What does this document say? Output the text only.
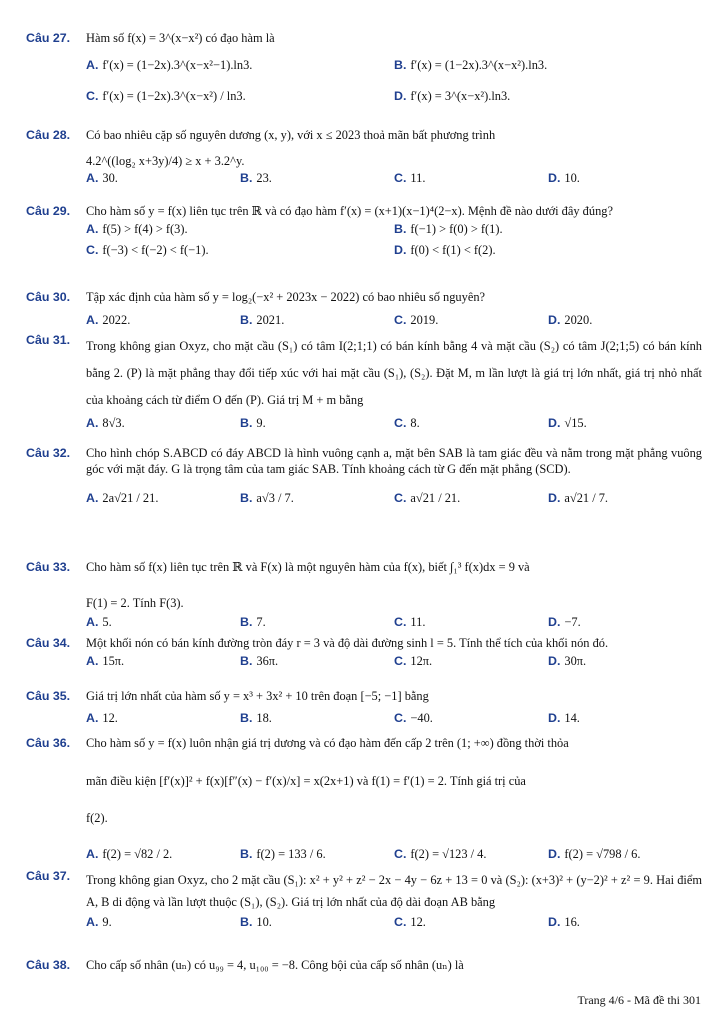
Câu 27. Hàm số f(x) = 3^(x−x²) có đạo hàm là
A. f′(x) = (1−2x).3^(x−x²−1).ln3.	B. f′(x) = (1−2x).3^(x−x²).ln3.
C. f′(x) = (1−2x).3^(x−x²) / ln3.	D. f′(x) = 3^(x−x²).ln3.
Câu 28. Có bao nhiêu cặp số nguyên dương (x, y), với x ≤ 2023 thoả mãn bất phương trình
4.2^((log₂ x+3y)/4) ≥ x + 3.2^y.
A. 30.	B. 23.	C. 11.	D. 10.
Câu 29. Cho hàm số y = f(x) liên tục trên ℝ và có đạo hàm f′(x) = (x+1)(x−1)⁴(2−x). Mệnh đề nào dưới đây đúng?
A. f(5) > f(4) > f(3).	B. f(−1) > f(0) > f(1).
C. f(−3) < f(−2) < f(−1).	D. f(0) < f(1) < f(2).
Câu 30. Tập xác định của hàm số y = log₂(−x² + 2023x − 2022) có bao nhiêu số nguyên?
A. 2022.	B. 2021.	C. 2019.	D. 2020.
Câu 31. Trong không gian Oxyz, cho mặt cầu (S₁) có tâm I(2;1;1) có bán kính bằng 4 và mặt cầu (S₂) có tâm J(2;1;5) có bán kính bằng 2. (P) là mặt phẳng thay đổi tiếp xúc với hai mặt cầu (S₁), (S₂). Đặt M, m lần lượt là giá trị lớn nhất, giá trị nhỏ nhất của khoảng cách từ điểm O đến (P). Giá trị M + m bằng
A. 8√3.	B. 9.	C. 8.	D. √15.
Câu 32. Cho hình chóp S.ABCD có đáy ABCD là hình vuông cạnh a, mặt bên SAB là tam giác đều và nằm trong mặt phẳng vuông góc với mặt đáy. G là trọng tâm của tam giác SAB. Tính khoảng cách từ G đến mặt phẳng (SCD).
A. 2a√21 / 21.	B. a√3 / 7.	C. a√21 / 21.	D. a√21 / 7.
Câu 33. Cho hàm số f(x) liên tục trên ℝ và F(x) là một nguyên hàm của f(x), biết ∫₁³ f(x)dx = 9 và
F(1) = 2. Tính F(3).
A. 5.	B. 7.	C. 11.	D. −7.
Câu 34. Một khối nón có bán kính đường tròn đáy r = 3 và độ dài đường sinh l = 5. Tính thể tích của khối nón đó.
A. 15π.	B. 36π.	C. 12π.	D. 30π.
Câu 35. Giá trị lớn nhất của hàm số y = x³ + 3x² + 10 trên đoạn [−5; −1] bằng
A. 12.	B. 18.	C. −40.	D. 14.
Câu 36. Cho hàm số y = f(x) luôn nhận giá trị dương và có đạo hàm đến cấp 2 trên (1; +∞) đồng thời thỏa
mãn điều kiện [f′(x)]² + f(x)[f″(x) − f′(x)/x] = x(2x+1) và f(1) = f′(1) = 2. Tính giá trị của
f(2).
A. f(2) = √82 / 2.	B. f(2) = 133 / 6.	C. f(2) = √123 / 4.	D. f(2) = √798 / 6.
Câu 37. Trong không gian Oxyz, cho 2 mặt cầu (S₁): x² + y² + z² − 2x − 4y − 6z + 13 = 0 và (S₂): (x+3)² + (y−2)² + z² = 9. Hai điểm A, B di động và lần lượt thuộc (S₁), (S₂). Giá trị lớn nhất của độ dài đoạn AB bằng
A. 9.	B. 10.	C. 12.	D. 16.
Câu 38. Cho cấp số nhân (uₙ) có u₉₉ = 4, u₁₀₀ = −8. Công bội của cấp số nhân (uₙ) là
Trang 4/6 - Mã đề thi 301
